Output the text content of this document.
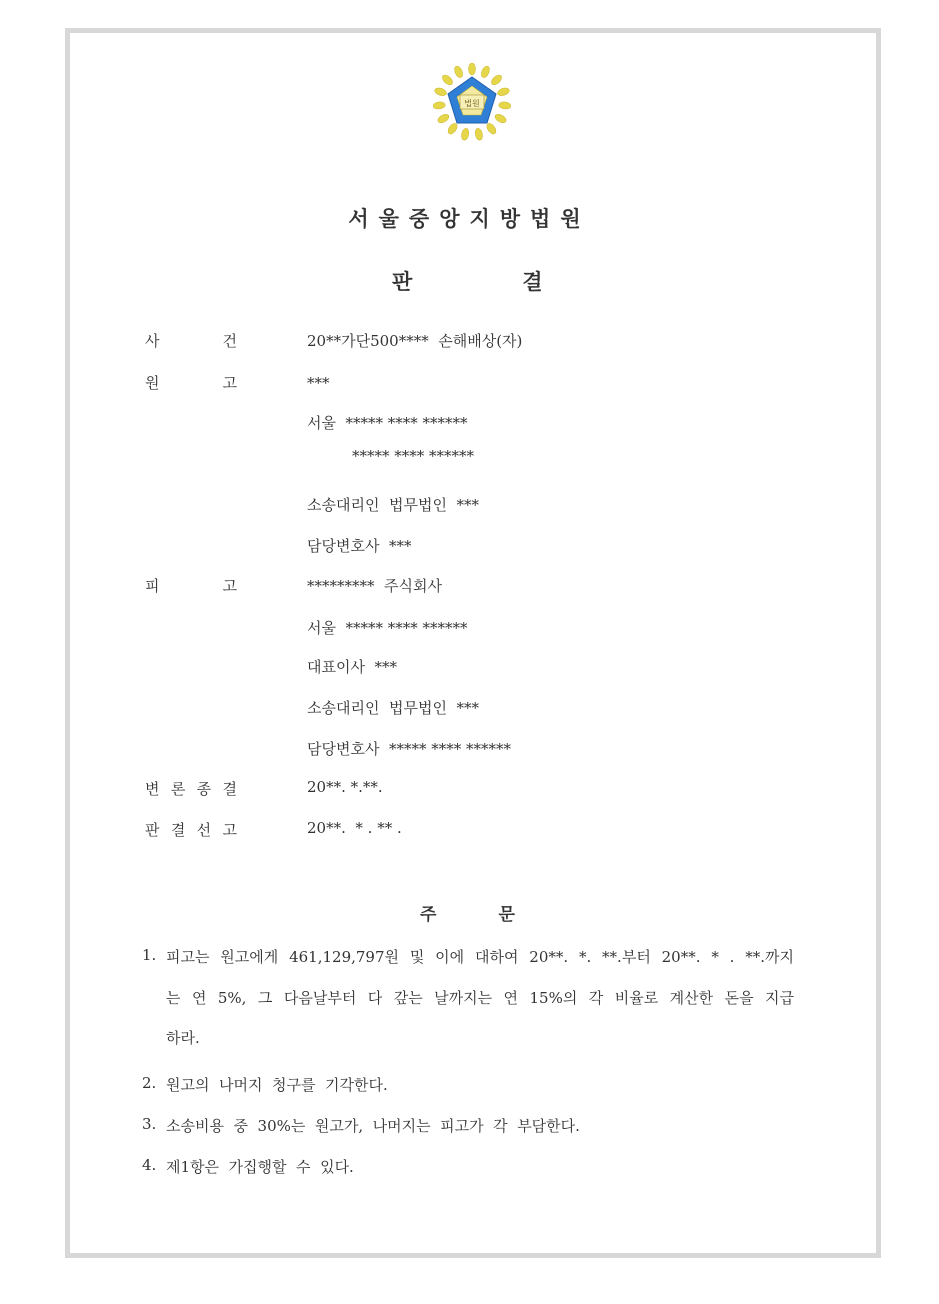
법원
서울중앙지방법원
판	결
사	건	20**가단500****  손해배상(자)
원	고	***
서울  ***** **** ******
***** **** ******
소송대리인  법무법인  ***
담당변호사  ***
피	고	*********  주식회사
서울  ***** **** ******
대표이사  ***
소송대리인  법무법인  ***
담당변호사  ***** **** ******
변 론 종 결	20**. *.**.
판 결 선 고	20**.  * . ** .
주	문
1. 피고는 원고에게 461,129,797원 및 이에 대하여 20**. *. **.부터 20**. * . **.까지
는 연 5%, 그 다음날부터 다 갚는 날까지는 연 15%의 각 비율로 계산한 돈을 지급
하라.
2. 원고의  나머지  청구를  기각한다.
3. 소송비용  중  30%는  원고가,  나머지는  피고가  각  부담한다.
4. 제1항은  가집행할  수  있다.
